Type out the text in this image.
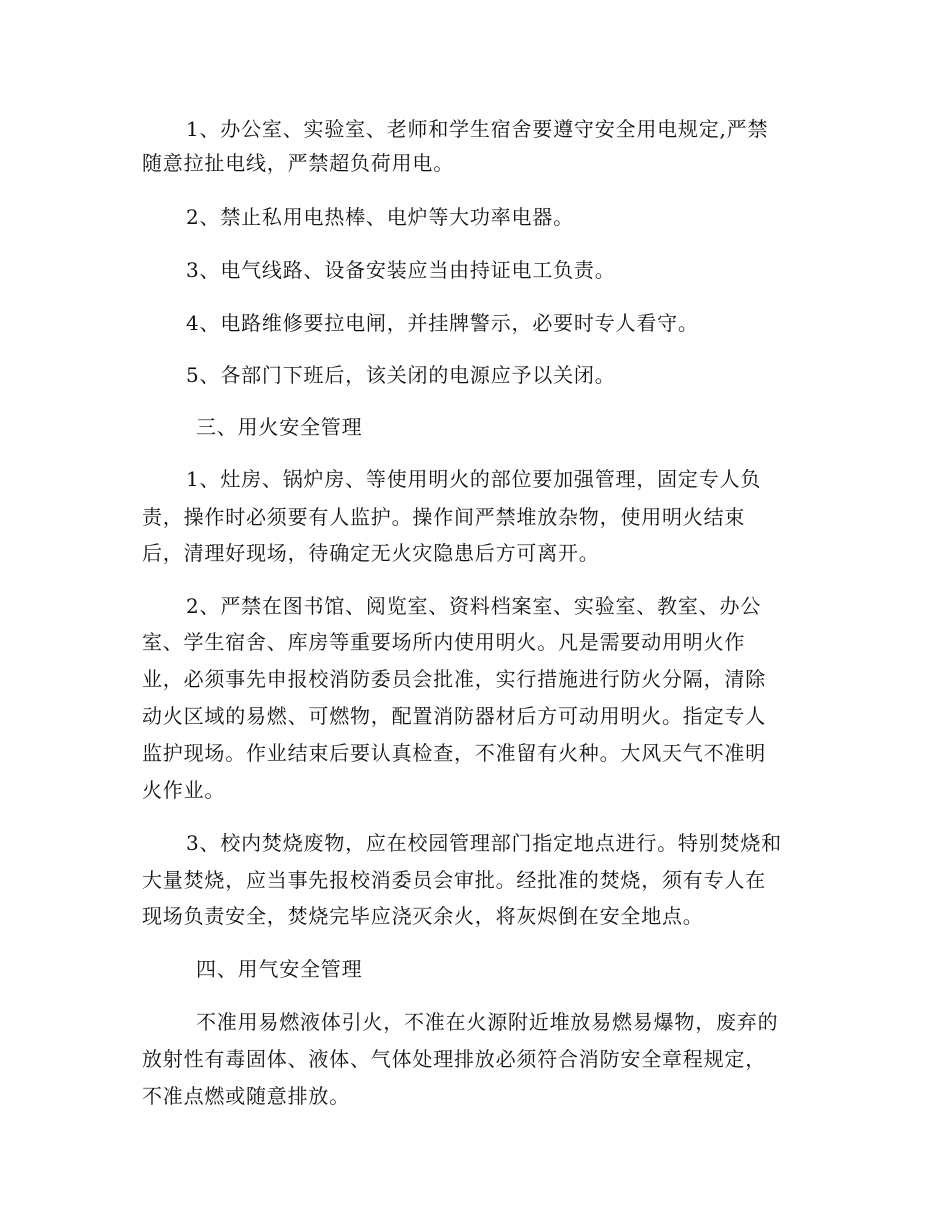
1、办公室、实验室、老师和学生宿舍要遵守安全用电规定,严禁

随意拉扯电线，严禁超负荷用电。

2、禁止私用电热棒、电炉等大功率电器。

3、电气线路、设备安装应当由持证电工负责。

4、电路维修要拉电闸，并挂牌警示，必要时专人看守。

5、各部门下班后，该关闭的电源应予以关闭。

三、用火安全管理

1、灶房、锅炉房、等使用明火的部位要加强管理，固定专人负

责，操作时必须要有人监护。操作间严禁堆放杂物，使用明火结束

后，清理好现场，待确定无火灾隐患后方可离开。

2、严禁在图书馆、阅览室、资料档案室、实验室、教室、办公

室、学生宿舍、库房等重要场所内使用明火。凡是需要动用明火作

业，必须事先申报校消防委员会批准，实行措施进行防火分隔，清除

动火区域的易燃、可燃物，配置消防器材后方可动用明火。指定专人

监护现场。作业结束后要认真检查，不准留有火种。大风天气不准明

火作业。

3、校内焚烧废物，应在校园管理部门指定地点进行。特别焚烧和

大量焚烧，应当事先报校消委员会审批。经批准的焚烧，须有专人在

现场负责安全，焚烧完毕应浇灭余火，将灰烬倒在安全地点。

四、用气安全管理

不准用易燃液体引火，不准在火源附近堆放易燃易爆物，废弃的

放射性有毒固体、液体、气体处理排放必须符合消防安全章程规定，

不准点燃或随意排放。
